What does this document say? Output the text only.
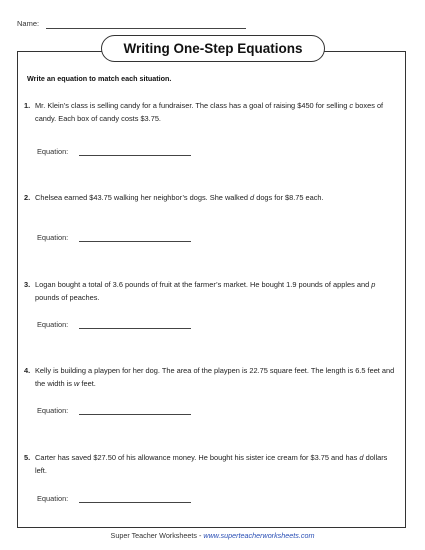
Name:
Writing One-Step Equations
Write an equation to match each situation.
1. Mr. Klein’s class is selling candy for a fundraiser. The class has a goal of raising $450 for selling c boxes of candy. Each box of candy costs $3.75.
Equation:
2. Chelsea earned $43.75 walking her neighbor’s dogs. She walked d dogs for $8.75 each.
Equation:
3. Logan bought a total of 3.6 pounds of fruit at the farmer’s market. He bought 1.9 pounds of apples and p pounds of peaches.
Equation:
4. Kelly is building a playpen for her dog. The area of the playpen is 22.75 square feet. The length is 6.5 feet and the width is w feet.
Equation:
5. Carter has saved $27.50 of his allowance money. He bought his sister ice cream for $3.75 and has d dollars left.
Equation:
Super Teacher Worksheets - www.superteacherworksheets.com
